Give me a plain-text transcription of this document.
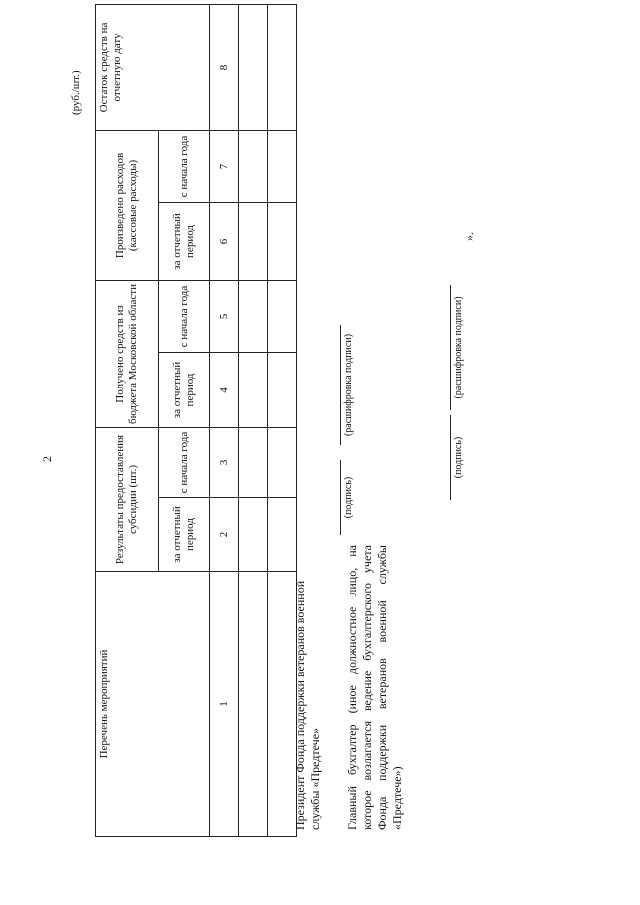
2
(руб./шт.)
Перечень мероприятий	Результаты предоставления субсидии (шт.)		Получено средств из бюджета Московской области		Произведено расходов (кассовые расходы)		Остаток средств на отчетную дату
	за отчетный период	с начала года	за отчетный период	с начала года	за отчетный период	с начала года	
1	2	3	4	5	6	7	8

Президент Фонда поддержки ветеранов военной службы «Предтече»
(подпись)
(расшифровка подписи)
Главный бухгалтер (иное должностное лицо, на которое возлагается ведение бухгалтерского учета Фонда поддержки ветеранов военной службы «Предтече»)
(подпись)
(расшифровка подписи)
».
